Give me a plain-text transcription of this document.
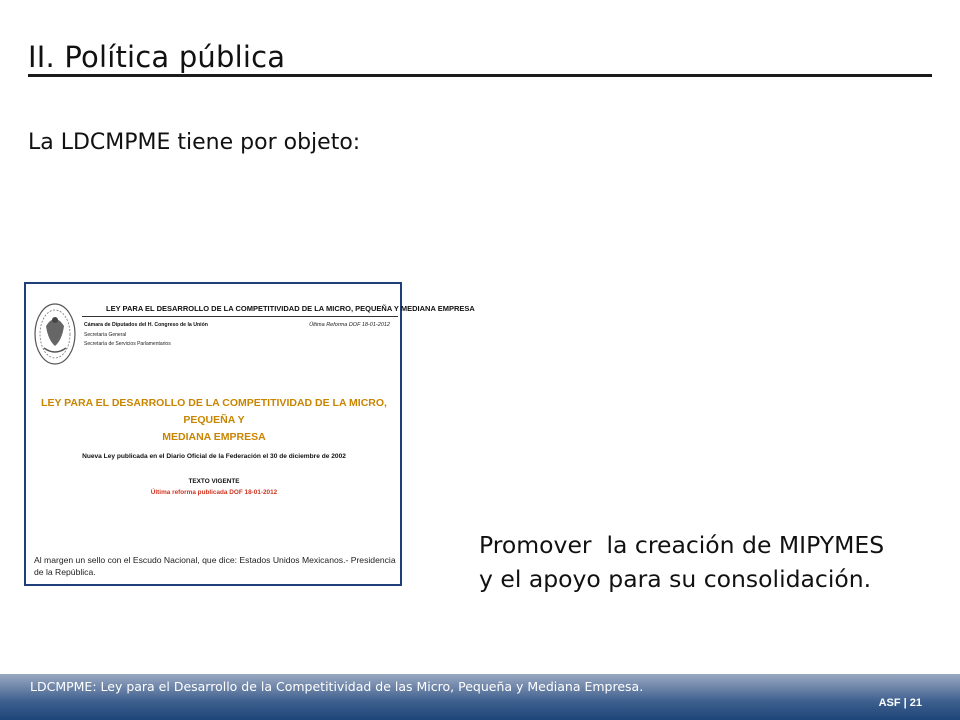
II. Política pública
La LDCMPME tiene por objeto:
LEY PARA EL DESARROLLO DE LA COMPETITIVIDAD DE LA MICRO, PEQUEÑA Y MEDIANA EMPRESA
Cámara de Diputados del H. Congreso de la Unión	Última Reforma DOF 18-01-2012
Secretaría General
Secretaría de Servicios Parlamentarios
LEY PARA EL DESARROLLO DE LA COMPETITIVIDAD DE LA MICRO, PEQUEÑA Y
MEDIANA EMPRESA
Nueva Ley publicada en el Diario Oficial de la Federación el 30 de diciembre de 2002
TEXTO VIGENTE
Última reforma publicada DOF 18-01-2012
Al margen un sello con el Escudo Nacional, que dice: Estados Unidos Mexicanos.- Presidencia de la República.
Promover  la creación de MIPYMES
y el apoyo para su consolidación.
LDCMPME: Ley para el Desarrollo de la Competitividad de las Micro, Pequeña y Mediana Empresa.
ASF | 21
